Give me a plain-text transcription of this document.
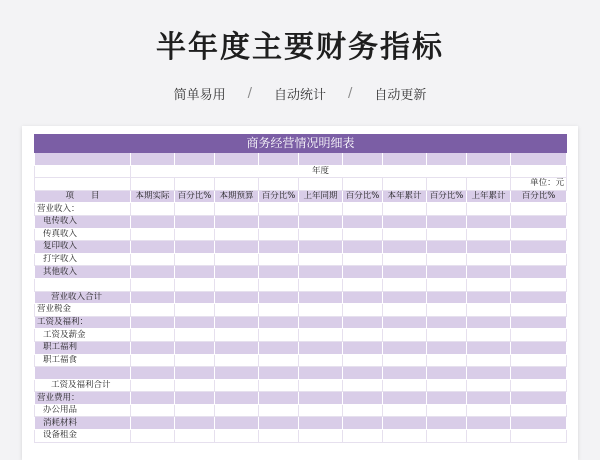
半年度主要财务指标
简单易用 / 自动统计 / 自动更新
商务经营情况明细表										

	年度									
										单位：元
项　　目	本期实际	百分比%	本期预算	百分比%	上年同期	百分比%	本年累计	百分比%	上年累计	百分比%
营业收入：										
电传收入										
传真收入										
复印收入										
打字收入										
其他收入										

营业收入合计										
营业税金										
工资及福利：										
工资及薪金										
职工福利										
职工福食										

工资及福利合计										
营业费用：										
办公用品										
消耗材料										
设备租金										
